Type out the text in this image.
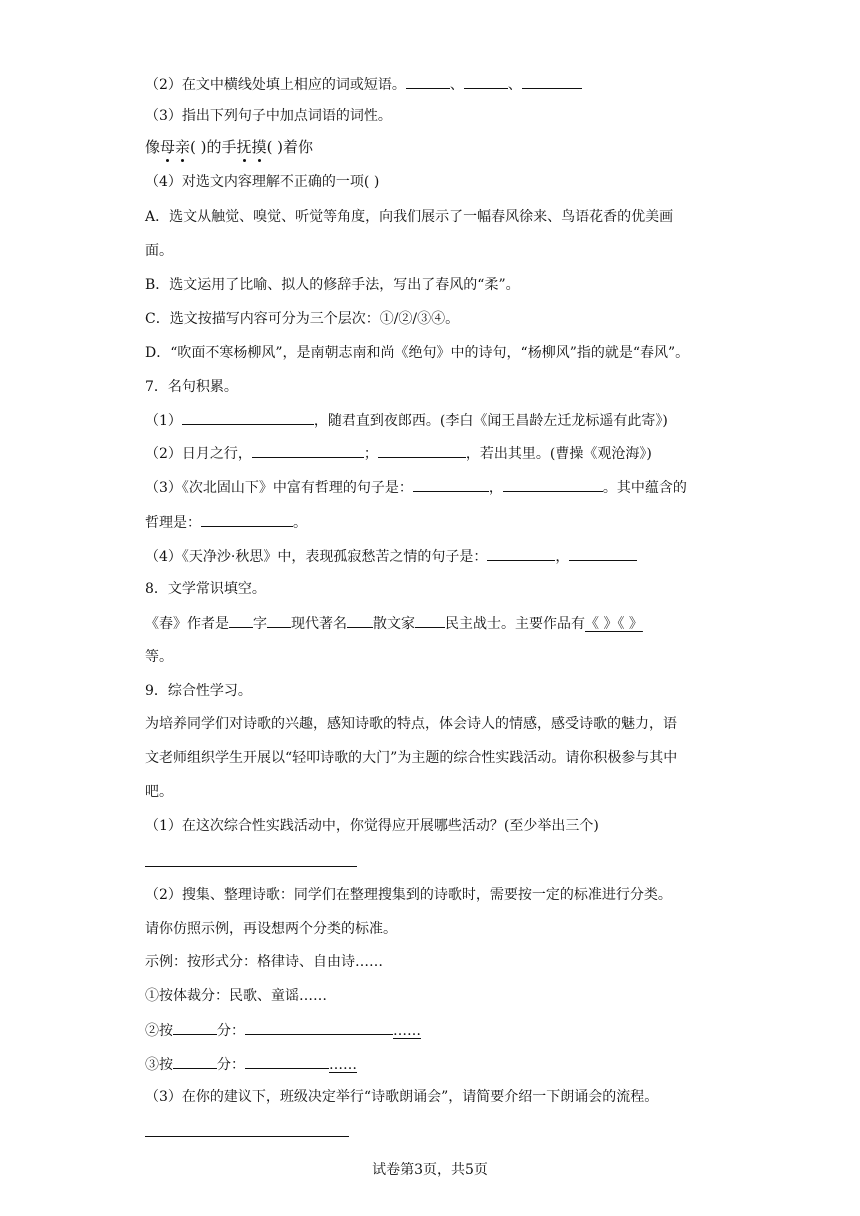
（2）在文中横线处填上相应的词或短语。	、	、
（3）指出下列句子中加点词语的词性。
像母亲( )的手抚摸( )着你
（4）对选文内容理解不正确的一项( )
A．选文从触觉、嗅觉、听觉等角度，向我们展示了一幅春风徐来、鸟语花香的优美画
面。
B．选文运用了比喻、拟人的修辞手法，写出了春风的“柔”。
C．选文按描写内容可分为三个层次：①/②/③④。
D．“吹面不寒杨柳风”，是南朝志南和尚《绝句》中的诗句，“杨柳风”指的就是“春风”。
7．名句积累。
（1）	，随君直到夜郎西。(李白《闻王昌龄左迁龙标遥有此寄》)
（2）日月之行，	；	，若出其里。(曹操《观沧海》)
（3）《次北固山下》中富有哲理的句子是：	，	。其中蕴含的
哲理是：	。
（4）《天净沙·秋思》中，表现孤寂愁苦之情的句子是：	，
8．文学常识填空。
《春》作者是 字 现代著名 散文家 民主战士。主要作品有《 》《 》
等。
9．综合性学习。
为培养同学们对诗歌的兴趣，感知诗歌的特点，体会诗人的情感，感受诗歌的魅力，语
文老师组织学生开展以“轻叩诗歌的大门”为主题的综合性实践活动。请你积极参与其中
吧。
（1）在这次综合性实践活动中，你觉得应开展哪些活动？(至少举出三个)
（2）搜集、整理诗歌：同学们在整理搜集到的诗歌时，需要按一定的标准进行分类。
请你仿照示例，再设想两个分类的标准。
示例：按形式分：格律诗、自由诗……
①按体裁分：民歌、童谣……
②按	分：	……
③按	分：	……
（3）在你的建议下，班级决定举行“诗歌朗诵会”，请简要介绍一下朗诵会的流程。
试卷第3页，共5页
